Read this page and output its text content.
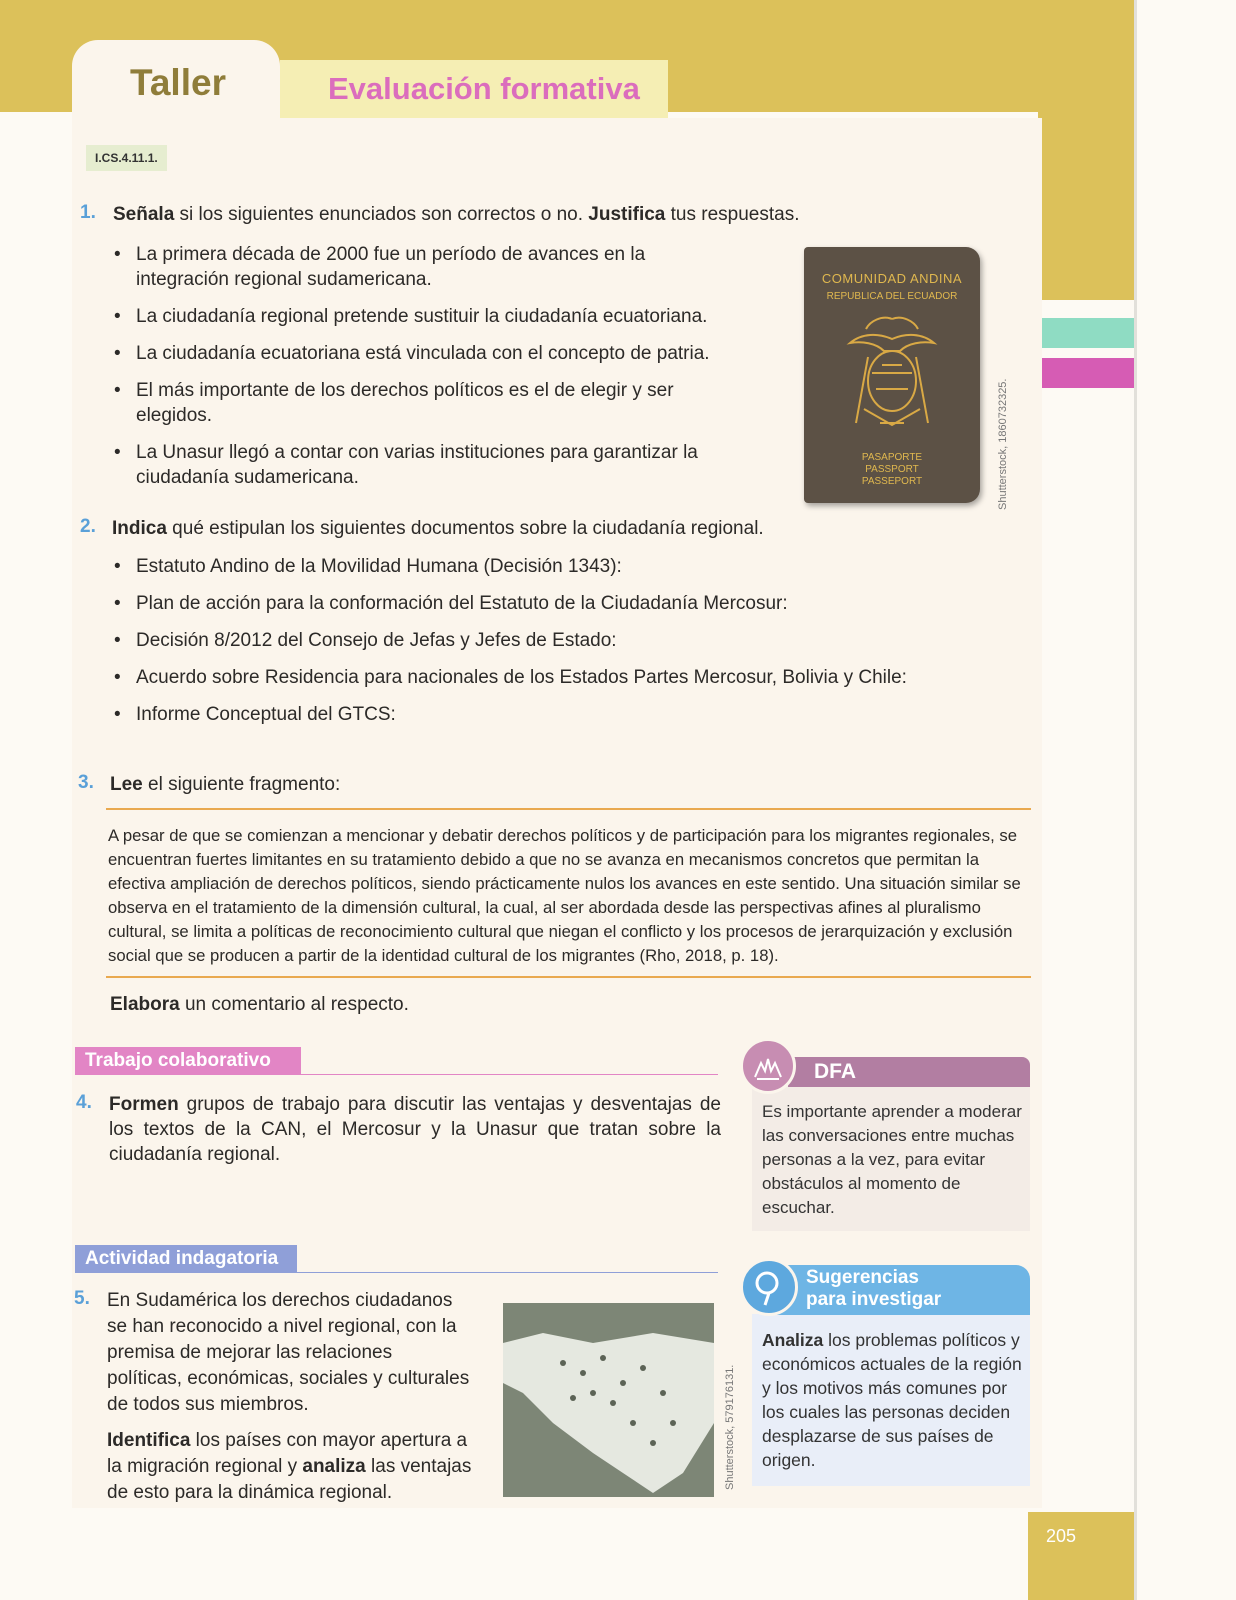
Taller	Evaluación formativa
I.CS.4.11.1.
1. Señala si los siguientes enunciados son correctos o no. Justifica tus respuestas.
• La primera década de 2000 fue un período de avances en la integración regional sudamericana.
• La ciudadanía regional pretende sustituir la ciudadanía ecuatoriana.
• La ciudadanía ecuatoriana está vinculada con el concepto de patria.
• El más importante de los derechos políticos es el de elegir y ser elegidos.
• La Unasur llegó a contar con varias instituciones para garantizar la ciudadanía sudamericana.
COMUNIDAD ANDINA
REPUBLICA DEL ECUADOR
PASAPORTE
PASSPORT
PASSEPORT	Shutterstock, 1860732325.
2. Indica qué estipulan los siguientes documentos sobre la ciudadanía regional.
• Estatuto Andino de la Movilidad Humana (Decisión 1343):
• Plan de acción para la conformación del Estatuto de la Ciudadanía Mercosur:
• Decisión 8/2012 del Consejo de Jefas y Jefes de Estado:
• Acuerdo sobre Residencia para nacionales de los Estados Partes Mercosur, Bolivia y Chile:
• Informe Conceptual del GTCS:
3. Lee el siguiente fragmento:
A pesar de que se comienzan a mencionar y debatir derechos políticos y de participación para los migrantes regionales, se encuentran fuertes limitantes en su tratamiento debido a que no se avanza en mecanismos concretos que permitan la efectiva ampliación de derechos políticos, siendo prácticamente nulos los avances en este sentido. Una situación similar se observa en el tratamiento de la dimensión cultural, la cual, al ser abordada desde las perspectivas afines al pluralismo cultural, se limita a políticas de reconocimiento cultural que niegan el conflicto y los procesos de jerarquización y exclusión social que se producen a partir de la identidad cultural de los migrantes (Rho, 2018, p. 18).
Elabora un comentario al respecto.
Trabajo colaborativo
4. Formen grupos de trabajo para discutir las ventajas y desventajas de los textos de la CAN, el Mercosur y la Unasur que tratan sobre la ciudadanía regional.
DFA
Es importante aprender a moderar las conversaciones entre muchas personas a la vez, para evitar obstáculos al momento de escuchar.
Actividad indagatoria
5. En Sudamérica los derechos ciudadanos se han reconocido a nivel regional, con la premisa de mejorar las relaciones políticas, económicas, sociales y culturales de todos sus miembros.
Identifica los países con mayor apertura a la migración regional y analiza las ventajas de esto para la dinámica regional.
Shutterstock, 579176131.
Sugerencias
para investigar
Analiza los problemas políticos y económicos actuales de la región y los motivos más comunes por los cuales las personas deciden desplazarse de sus países de origen.
205
